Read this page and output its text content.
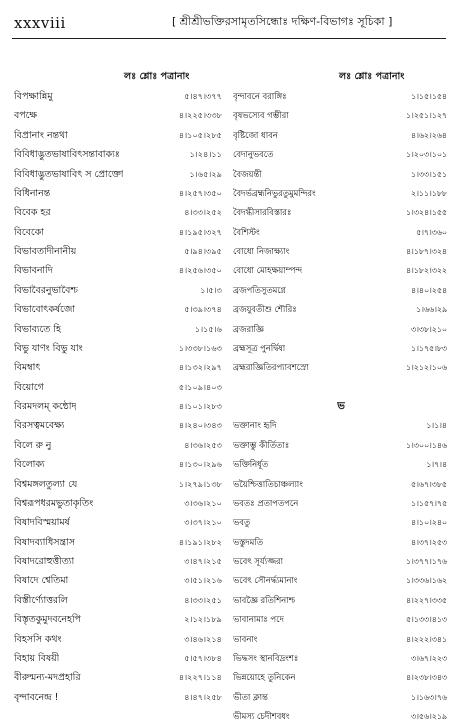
xxxviii	[ শ্রীশ্রীভক্তিরসামৃতসিন্ধোঃ দক্ষিণ-বিভাগঃ সূচিকা ]
লঃ শ্লোঃ পত্রানাং	লঃ শ্লোঃ পত্রানাং
বিপক্ষান্নিমু	৫।৪৭।৩৭৭
বপক্ষে	৪।২২৫।৩৩৮
বিপ্রানাং নন্তথা	৪।১০৫।২৮৫
বিবিধাদ্ভুতভাষাবিৎসন্তাবাক্যঃ	১।২৪।১১
বিবিধাদ্ভুতভাষাবিৎ স প্রোক্তো	১।৬৫।২৯
বিধিনানন্ত	৪।২৫৭।৩৫০
বিবেক হর	৪।৩৩।২৫২
বিবেকো	৪।১৯৫।৩২৭
বিভাবতাদীনানীয়	৫।৯৪।৩৯৫
বিভাবনাদি	৪।২৫৬।৩৫০
বিভাবৈরনুভাবৈশ্চ	১।৫।৩
বিভাবোৎকর্ষজো	৫।৩৯।৩৭৪
বিভাব্যতে হি	১।১৫।৬
বিভু যাণং বিভু যাং	১।৩৩৮।১৬৩
বিমম্বাৎ	৪।১৩২।২৯৭
বিয়োগে	৫।১০৯।৪০৩
বিরমদলম্ কন্ঠোদ্	৪।১০১।২৮৩
বিরসত্বমবেক্ষ্য	৪।২৪০।৩৪৩
বিলে রু নু	৪।৩৬।২৫৩
বিলোক্য	৪।১৩০।২৯৬
বিশ্বমঙ্গলতুল্যা যে	১।২৭৯।১৩৮
বিশ্বরূপধরমভুতাকৃতিং	৩।৩৬।২১০
বিষাদবিস্ময়ামর্ষ	৩।৩৭।২১০
বিষাদব্যাধিসন্ত্রাস	৪।১৯১।২৮২
বিষাদরোহুত্তীত্যা	৩।৪৭।২১৫
বিষাদে শ্বেতিমা	৩।৫১।২১৬
বিস্তীর্ণ্যোত্তরলি	৪।৩৩।২৫১
বিস্তৃতকুমুদবনেহপি	২।১২।১৮৯
বিহসসি কথং	৩।৪৬।২১৪
বিহায় বিষয়ী	৫।৫৭।৩৮৪
বীরুন্মন্য-মদপ্রহারি	৪।২২৭।১১৪
বৃন্দাবনেন্দ্র !	৪।৪৭।২৫৮
বৃন্দাবনে বরাঙ্গিঃ	১।১৫।১৫৪
বৃষভস্যেব গম্ভীরা	১।২৫১।১২৭
বৃষ্টিজো ধাবন	৪।৬২।২৬৪
বেদানুভবতে	১।২০৩।১০১
বৈজয়ন্তী	১।৩৩।১৫১
বৈদর্ভব্রহ্মনিভুরতুমুমন্দিরং	২।১১।১৮৮
বৈদগ্ধীসারবিস্তারঃ	১।৩২৪।১৫৫
বৈশিস্টং	৫।৭।৩৬০
বোধো নিজাক্ষ্যাং	৪।১৮৭।৩২৪
বোধো মোহক্ষয়াম্পন্দ	৪।১৮২।৩২২
ব্রজপতিসুতমগ্নে	৪।৪০।২৫৪
ব্রজযুবতীশু শৌরিঃ	১।৬৬।২৯
ব্রজরাজ্ঞি	৩।৩৮।২১০
ব্রহ্মসূত্র পুনর্দ্বিষা	১।১৭৫।৮৩
ব্রহ্মরাজ্ঞিতিরপ্যাবশস্রো	১।২১২।১০৬
ভ
ভক্তানাং হৃদি	১।১।৪
ভক্তাম্ভু কীর্তিতাঃ	১।৩০০।১৪৬
ভক্তিনির্ধূত	১।৭।৪
ভয়ৈশ্চিত্তাতিচাঞ্চল্যাং	৫।৬৭।৩৮৫
ভবতঃ প্রতাপতপনে	১।১৫৭।৭৫
ভবতু	৪।১০।২৪০
ভস্তুদমতি	৪।৩৭।২৫৩
ভবেৎ সূর্য্যজ্জরা	১।৩৭৭।১৭৬
ভবেৎ সৌনর্দ্ধ্যমানাং	১।৩৩৬।১৬২
ভাবজ্ঞৈ রতিশিনাশ্চ	৪।২২৭।৩৩৫
ভাবানামাঃ পদে	৫।১৩৩।৪১৩
ভাবনাং	৪।২২২।৩৪১
ভিদ্ধসং স্থানবিদ্রংশঃ	৩।৬৭।২২৩
ভিন্নয়োহে তুনিকেন	৪।২৩৮।৩৪৩
ভীতা ক্লান্ত	১।১৬৩।৭৬
ভীমস্য চেদীশবধং	৩।৫৬।২১৯
